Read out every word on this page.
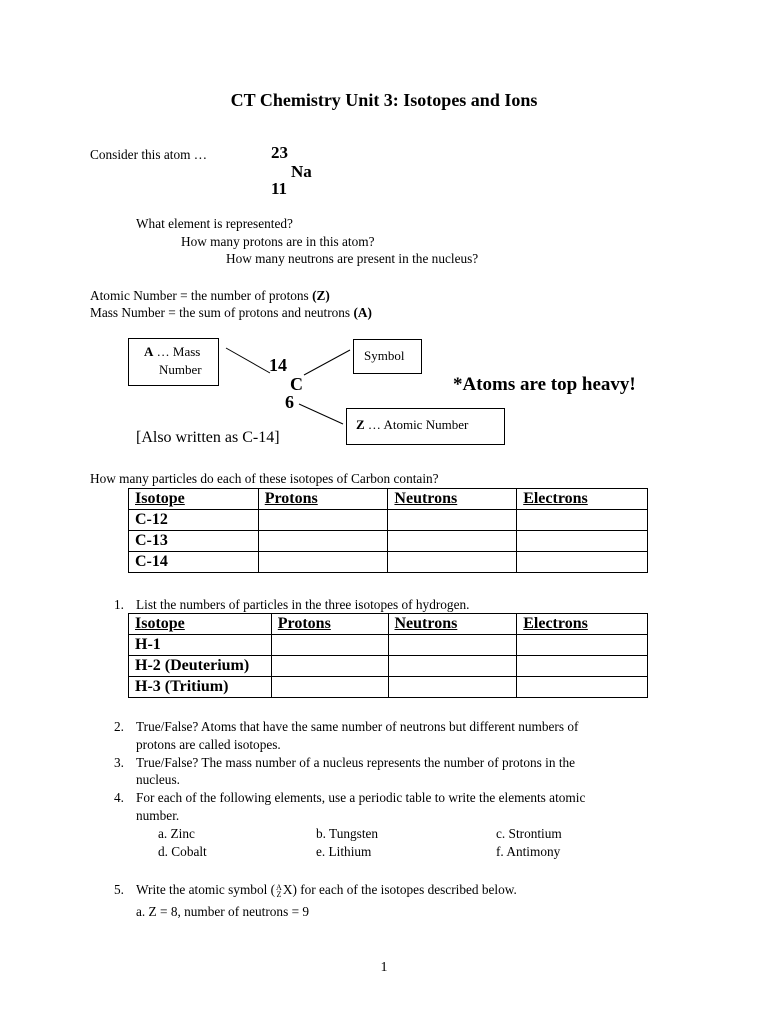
CT Chemistry Unit 3: Isotopes and Ions
Consider this atom …	23
Na
11
What element is represented?
How many protons are in this atom?
How many neutrons are present in the nucleus?
Atomic Number = the number of protons (Z)
Mass Number = the sum of protons and neutrons (A)
A … Mass
Number
Symbol
Z … Atomic Number
14
C
6
*Atoms are top heavy!
[Also written as C-14]
How many particles do each of these isotopes of Carbon contain?
Isotope	Protons	Neutrons	Electrons
C-12			
C-13			
C-14			
1. List the numbers of particles in the three isotopes of hydrogen.
Isotope	Protons	Neutrons	Electrons
H-1			
H-2 (Deuterium)			
H-3 (Tritium)			
2. True/False? Atoms that have the same number of neutrons but different numbers of
protons are called isotopes.
3. True/False? The mass number of a nucleus represents the number of protons in the
nucleus.
4. For each of the following elements, use a periodic table to write the elements atomic
number.
a. Zinc	b. Tungsten	c. Strontium
d. Cobalt	e. Lithium	f. Antimony
5. Write the atomic symbol ( A
Z X) for each of the isotopes described below.
a. Z = 8, number of neutrons = 9
1
